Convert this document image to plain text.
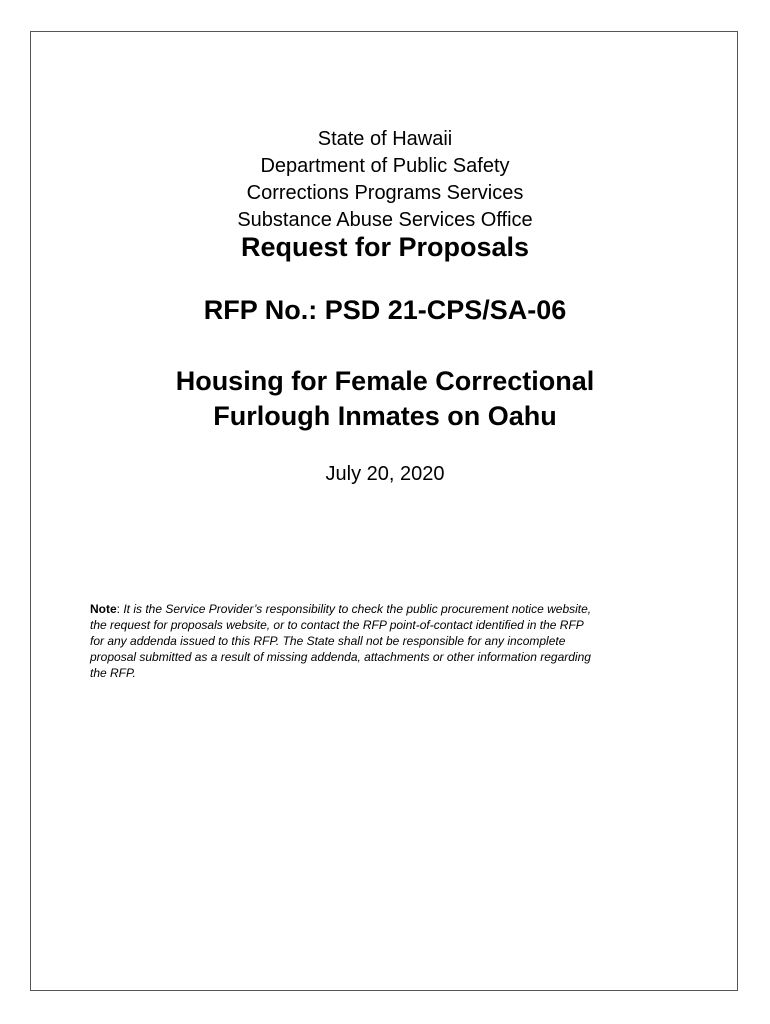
State of Hawaii
Department of Public Safety
Corrections Programs Services
Substance Abuse Services Office
Request for Proposals
RFP No.: PSD 21-CPS/SA-06
Housing for Female Correctional
Furlough Inmates on Oahu
July 20, 2020
Note: It is the Service Provider’s responsibility to check the public procurement notice website,
the request for proposals website, or to contact the RFP point-of-contact identified in the RFP
for any addenda issued to this RFP. The State shall not be responsible for any incomplete
proposal submitted as a result of missing addenda, attachments or other information regarding
the RFP.
